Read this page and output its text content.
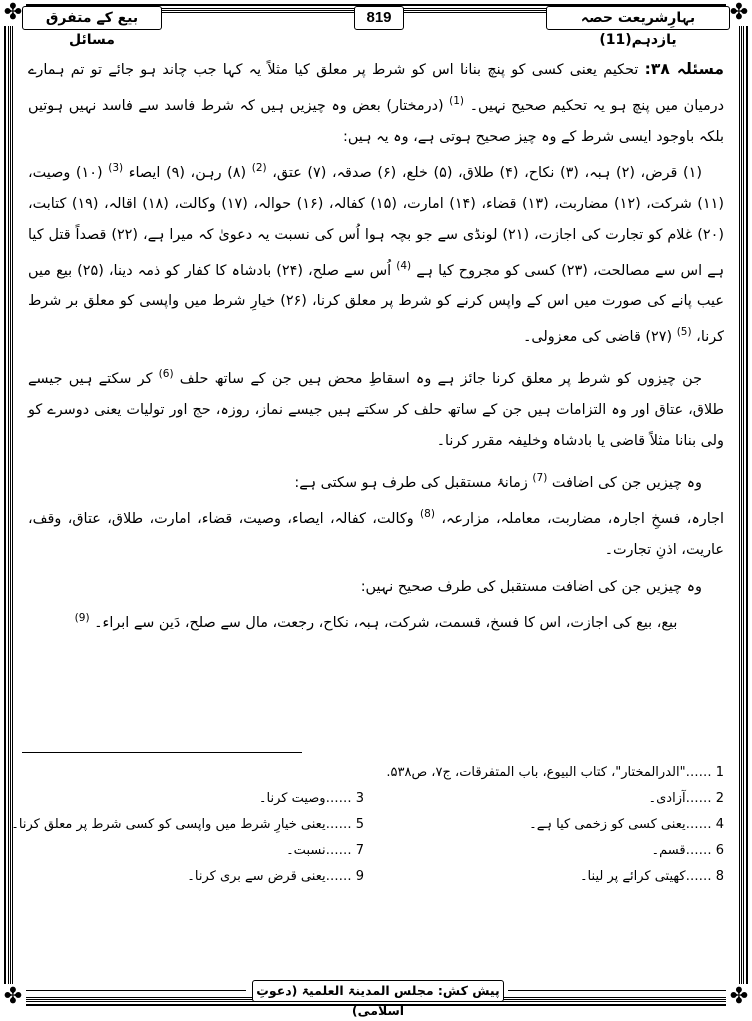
✤	✤
✤	✤
بہارِشریعت حصہ یازدہم(11)
819
بیع کے متفرق مسائل

مسئلہ ۳۸: تحکیم یعنی کسی کو پنچ بنانا اس کو شرط پر معلق کیا مثلاً یہ کہا جب چاند ہو جائے تو تم ہمارے درمیان میں پنچ ہو یہ تحکیم صحیح نہیں۔ $^{(1)}$ (درمختار) بعض وہ چیزیں ہیں کہ شرط فاسد سے فاسد نہیں ہوتیں بلکہ باوجود ایسی شرط کے وہ چیز صحیح ہوتی ہے، وہ یہ ہیں:

(۱) قرض، (۲) ہبہ، (۳) نکاح، (۴) طلاق، (۵) خلع، (۶) صدقہ، (۷) عتق، $^{(2)}$ (۸) رہن، (۹) ایصاء $^{(3)}$ (۱۰) وصیت، (۱۱) شرکت، (۱۲) مضاربت، (۱۳) قضاء، (۱۴) امارت، (۱۵) کفالہ، (۱۶) حوالہ، (۱۷) وکالت، (۱۸) اقالہ، (۱۹) کتابت، (۲۰) غلام کو تجارت کی اجازت، (۲۱) لونڈی سے جو بچہ ہوا اُس کی نسبت یہ دعویٰ کہ میرا ہے، (۲۲) قصداً قتل کیا ہے اس سے مصالحت، (۲۳) کسی کو مجروح کیا ہے $^{(4)}$ اُس سے صلح، (۲۴) بادشاہ کا کفار کو ذمہ دینا، (۲۵) بیع میں عیب پانے کی صورت میں اس کے واپس کرنے کو شرط پر معلق کرنا، (۲۶) خیارِ شرط میں واپسی کو معلق بر شرط کرنا، $^{(5)}$ (۲۷) قاضی کی معزولی۔

جن چیزوں کو شرط پر معلق کرنا جائز ہے وہ اسقاطِ محض ہیں جن کے ساتھ حلف $^{(6)}$ کر سکتے ہیں جیسے طلاق، عتاق اور وہ التزامات ہیں جن کے ساتھ حلف کر سکتے ہیں جیسے نماز، روزہ، حج اور تولیات یعنی دوسرے کو ولی بنانا مثلاً قاضی یا بادشاہ وخلیفہ مقرر کرنا۔

وہ چیزیں جن کی اضافت $^{(7)}$ زمانۂ مستقبل کی طرف ہو سکتی ہے:

اجارہ، فسخِ اجارہ، مضاربت، معاملہ، مزارعہ، $^{(8)}$ وکالت، کفالہ، ایصاء، وصیت، قضاء، امارت، طلاق، عتاق، وقف، عاریت، اذنِ تجارت۔

وہ چیزیں جن کی اضافت مستقبل کی طرف صحیح نہیں:

بیع، بیع کی اجازت، اس کا فسخ، قسمت، شرکت، ہبہ، نکاح، رجعت، مال سے صلح، دَین سے ابراء۔ $^{(9)}$

1 ……"الدرالمختار"، کتاب البیوع، باب المتفرقات، ج۷، ص۵۳۸.
2 ……آزادی۔
3 ……وصیت کرنا۔
4 ……یعنی کسی کو زخمی کیا ہے۔
5 ……یعنی خیارِ شرط میں واپسی کو کسی شرط پر معلق کرنا۔
6 ……قسم۔
7 ……نسبت۔
8 ……کھیتی کرائے پر لینا۔
9 ……یعنی قرض سے بری کرنا۔
پیش کش: مجلس المدینۃ العلمیۃ (دعوتِ اسلامی)
